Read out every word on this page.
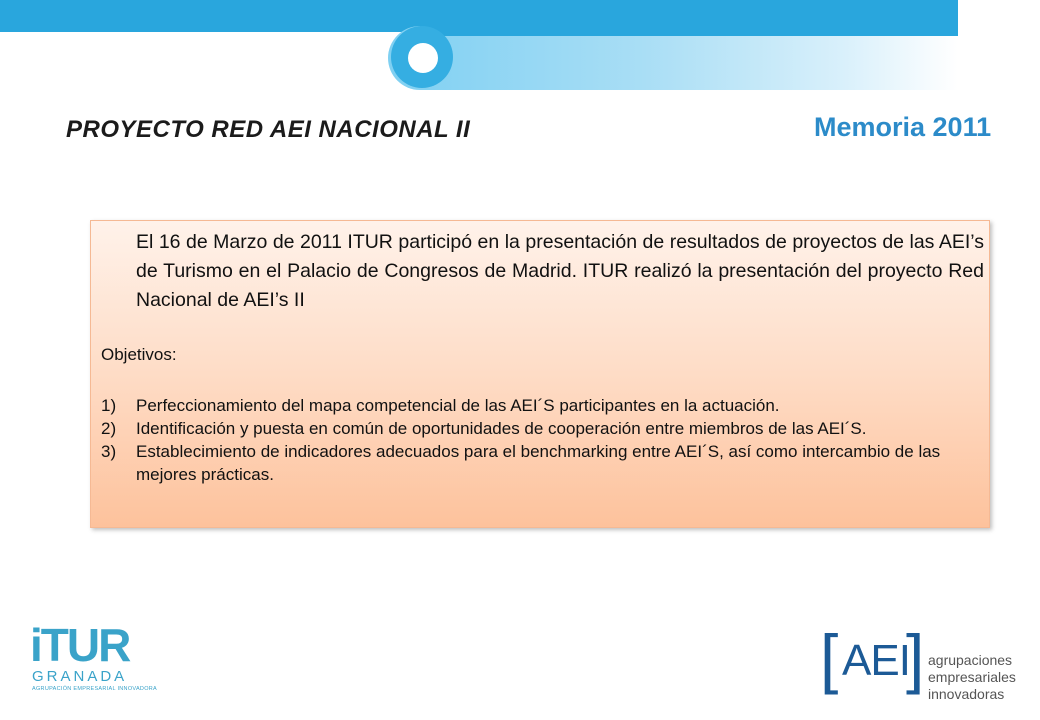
PROYECTO RED AEI NACIONAL II	Memoria 2011
El 16 de Marzo de 2011 ITUR participó en la presentación de resultados de proyectos de las AEI’s de Turismo en el Palacio de Congresos de Madrid. ITUR realizó la presentación del proyecto Red Nacional de AEI’s II
Objetivos:
1) Perfeccionamiento del mapa competencial de las AEI´S participantes en la actuación.
2) Identificación y puesta en común de oportunidades de cooperación entre miembros de las AEI´S.
3) Establecimiento de indicadores adecuados para el benchmarking entre AEI´S, así como intercambio de las mejores prácticas.
iTUR
GRANADA
AGRUPACIÓN EMPRESARIAL INNOVADORA	[ AEI
] agrupaciones
empresariales
innovadoras
